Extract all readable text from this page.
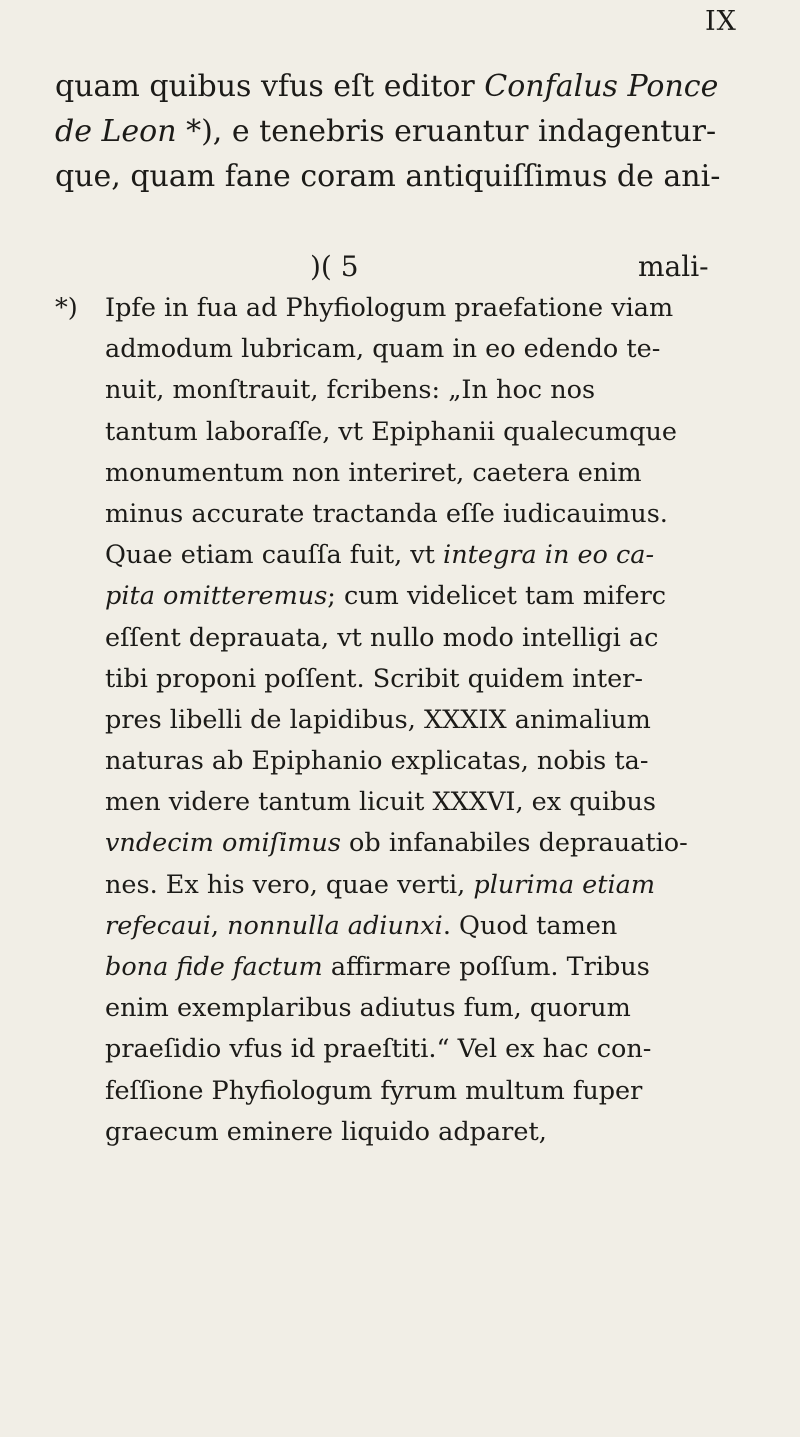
IX
quam quibus vfus eſt editor Confalus Ponce
de Leon *), e tenebris eruantur indagentur-
que, quam fane coram antiquiſſimus de ani-
)( 5	mali-
*) Ipfe in fua ad Phyfiologum praefatione viam
admodum lubricam, quam in eo edendo te-
nuit, monſtrauit, fcribens: „In hoc nos
tantum laboraſſe, vt Epiphanii qualecumque
monumentum non interiret, caetera enim
minus accurate tractanda eſſe iudicauimus.
Quae etiam cauſſa fuit, vt integra in eo ca-
pita omitteremus; cum videlicet tam miferc
eſſent deprauata, vt nullo modo intelligi ac
tibi proponi poſſent. Scribit quidem inter-
pres libelli de lapidibus, XXXIX animalium
naturas ab Epiphanio explicatas, nobis ta-
men videre tantum licuit XXXVI, ex quibus
vndecim omiſimus ob infanabiles deprauatio-
nes. Ex his vero, quae verti, plurima etiam
refecaui, nonnulla adiunxi. Quod tamen
bona fide factum affirmare poſſum. Tribus
enim exemplaribus adiutus fum, quorum
praeſidio vfus id praeſtiti.“ Vel ex hac con-
feſſione Phyfiologum fyrum multum fuper
graecum eminere liquido adparet,
